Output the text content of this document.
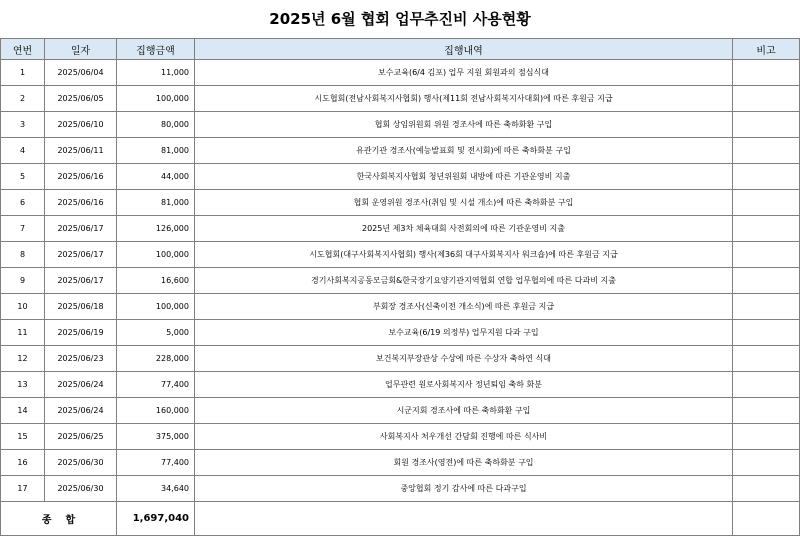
2025년 6월 협회 업무추진비 사용현황
연번	일자	집행금액	집행내역	비고
1	2025/06/04	11,000	보수교육(6/4 김포) 업무 지원 회원과의 점심식대	
2	2025/06/05	100,000	시도협회(전남사회복지사협회) 행사(제11회 전남사회복지사대회)에 따른 후원금 지급	
3	2025/06/10	80,000	협회 상임위원회 위원 경조사에 따른 축하화환 구입	
4	2025/06/11	81,000	유관기관 경조사(예능발표회 및 전시회)에 따른 축하화분 구입	
5	2025/06/16	44,000	한국사회복지사협회 청년위원회 내방에 따른 기관운영비 지출	
6	2025/06/16	81,000	협회 운영위원 경조사(취임 및 시설 개소)에 따른 축하화분 구입	
7	2025/06/17	126,000	2025년 제3차 체육대회 사전회의에 따른 기관운영비 지출	
8	2025/06/17	100,000	시도협회(대구사회복지사협회) 행사(제36회 대구사회복지사 워크숍)에 따른 후원금 지급	
9	2025/06/17	16,600	경기사회복지공동모금회&한국장기요양기관지역협회 연합 업무협의에 따른 다과비 지출	
10	2025/06/18	100,000	부회장 경조사(신축이전 개소식)에 따른 후원금 지급	
11	2025/06/19	5,000	보수교육(6/19 의정부) 업무지원 다과 구입	
12	2025/06/23	228,000	보건복지부장관상 수상에 따른 수상자 축하연 식대	
13	2025/06/24	77,400	업무관련 원로사회복지사 정년퇴임 축하 화분	
14	2025/06/24	160,000	시군지회 경조사에 따른 축하화환 구입	
15	2025/06/25	375,000	사회복지사 처우개선 간담회 진행에 따른 식사비	
16	2025/06/30	77,400	회원 경조사(영전)에 따른 축하화분 구입	
17	2025/06/30	34,640	중앙협회 정기 감사에 따른 다과구입	
종합		1,697,040		
